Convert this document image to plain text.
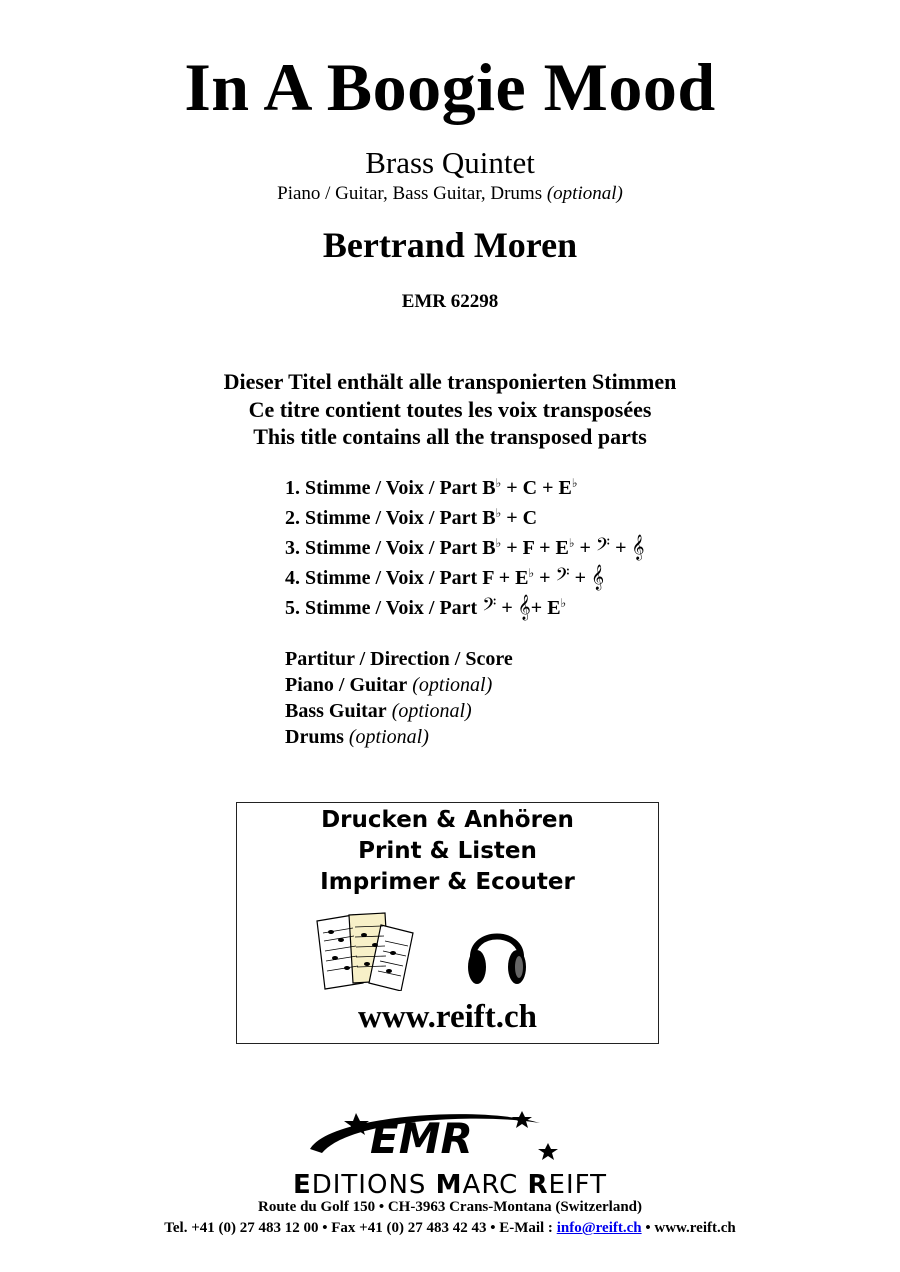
In A Boogie Mood
Brass Quintet
Piano / Guitar, Bass Guitar, Drums (optional)
Bertrand Moren
EMR 62298
Dieser Titel enthält alle transponierten Stimmen
Ce titre contient toutes les voix transposées
This title contains all the transposed parts
1. Stimme / Voix / Part B♭ + C + E♭
2. Stimme / Voix / Part B♭ + C
3. Stimme / Voix / Part B♭ + F + E♭ + 𝄢 + 𝄞
4. Stimme / Voix / Part F + E♭ + 𝄢 + 𝄞
5. Stimme / Voix / Part 𝄢 + 𝄞+ E♭
Partitur / Direction / Score
Piano / Guitar (optional)
Bass Guitar (optional)
Drums (optional)
Drucken & Anhören
Print & Listen
Imprimer & Ecouter
www.reift.ch
EMR
EDITIONS MARC REIFT
Route du Golf 150 • CH-3963 Crans-Montana (Switzerland)
Tel. +41 (0) 27 483 12 00 • Fax +41 (0) 27 483 42 43 • E-Mail : info@reift.ch • www.reift.ch
